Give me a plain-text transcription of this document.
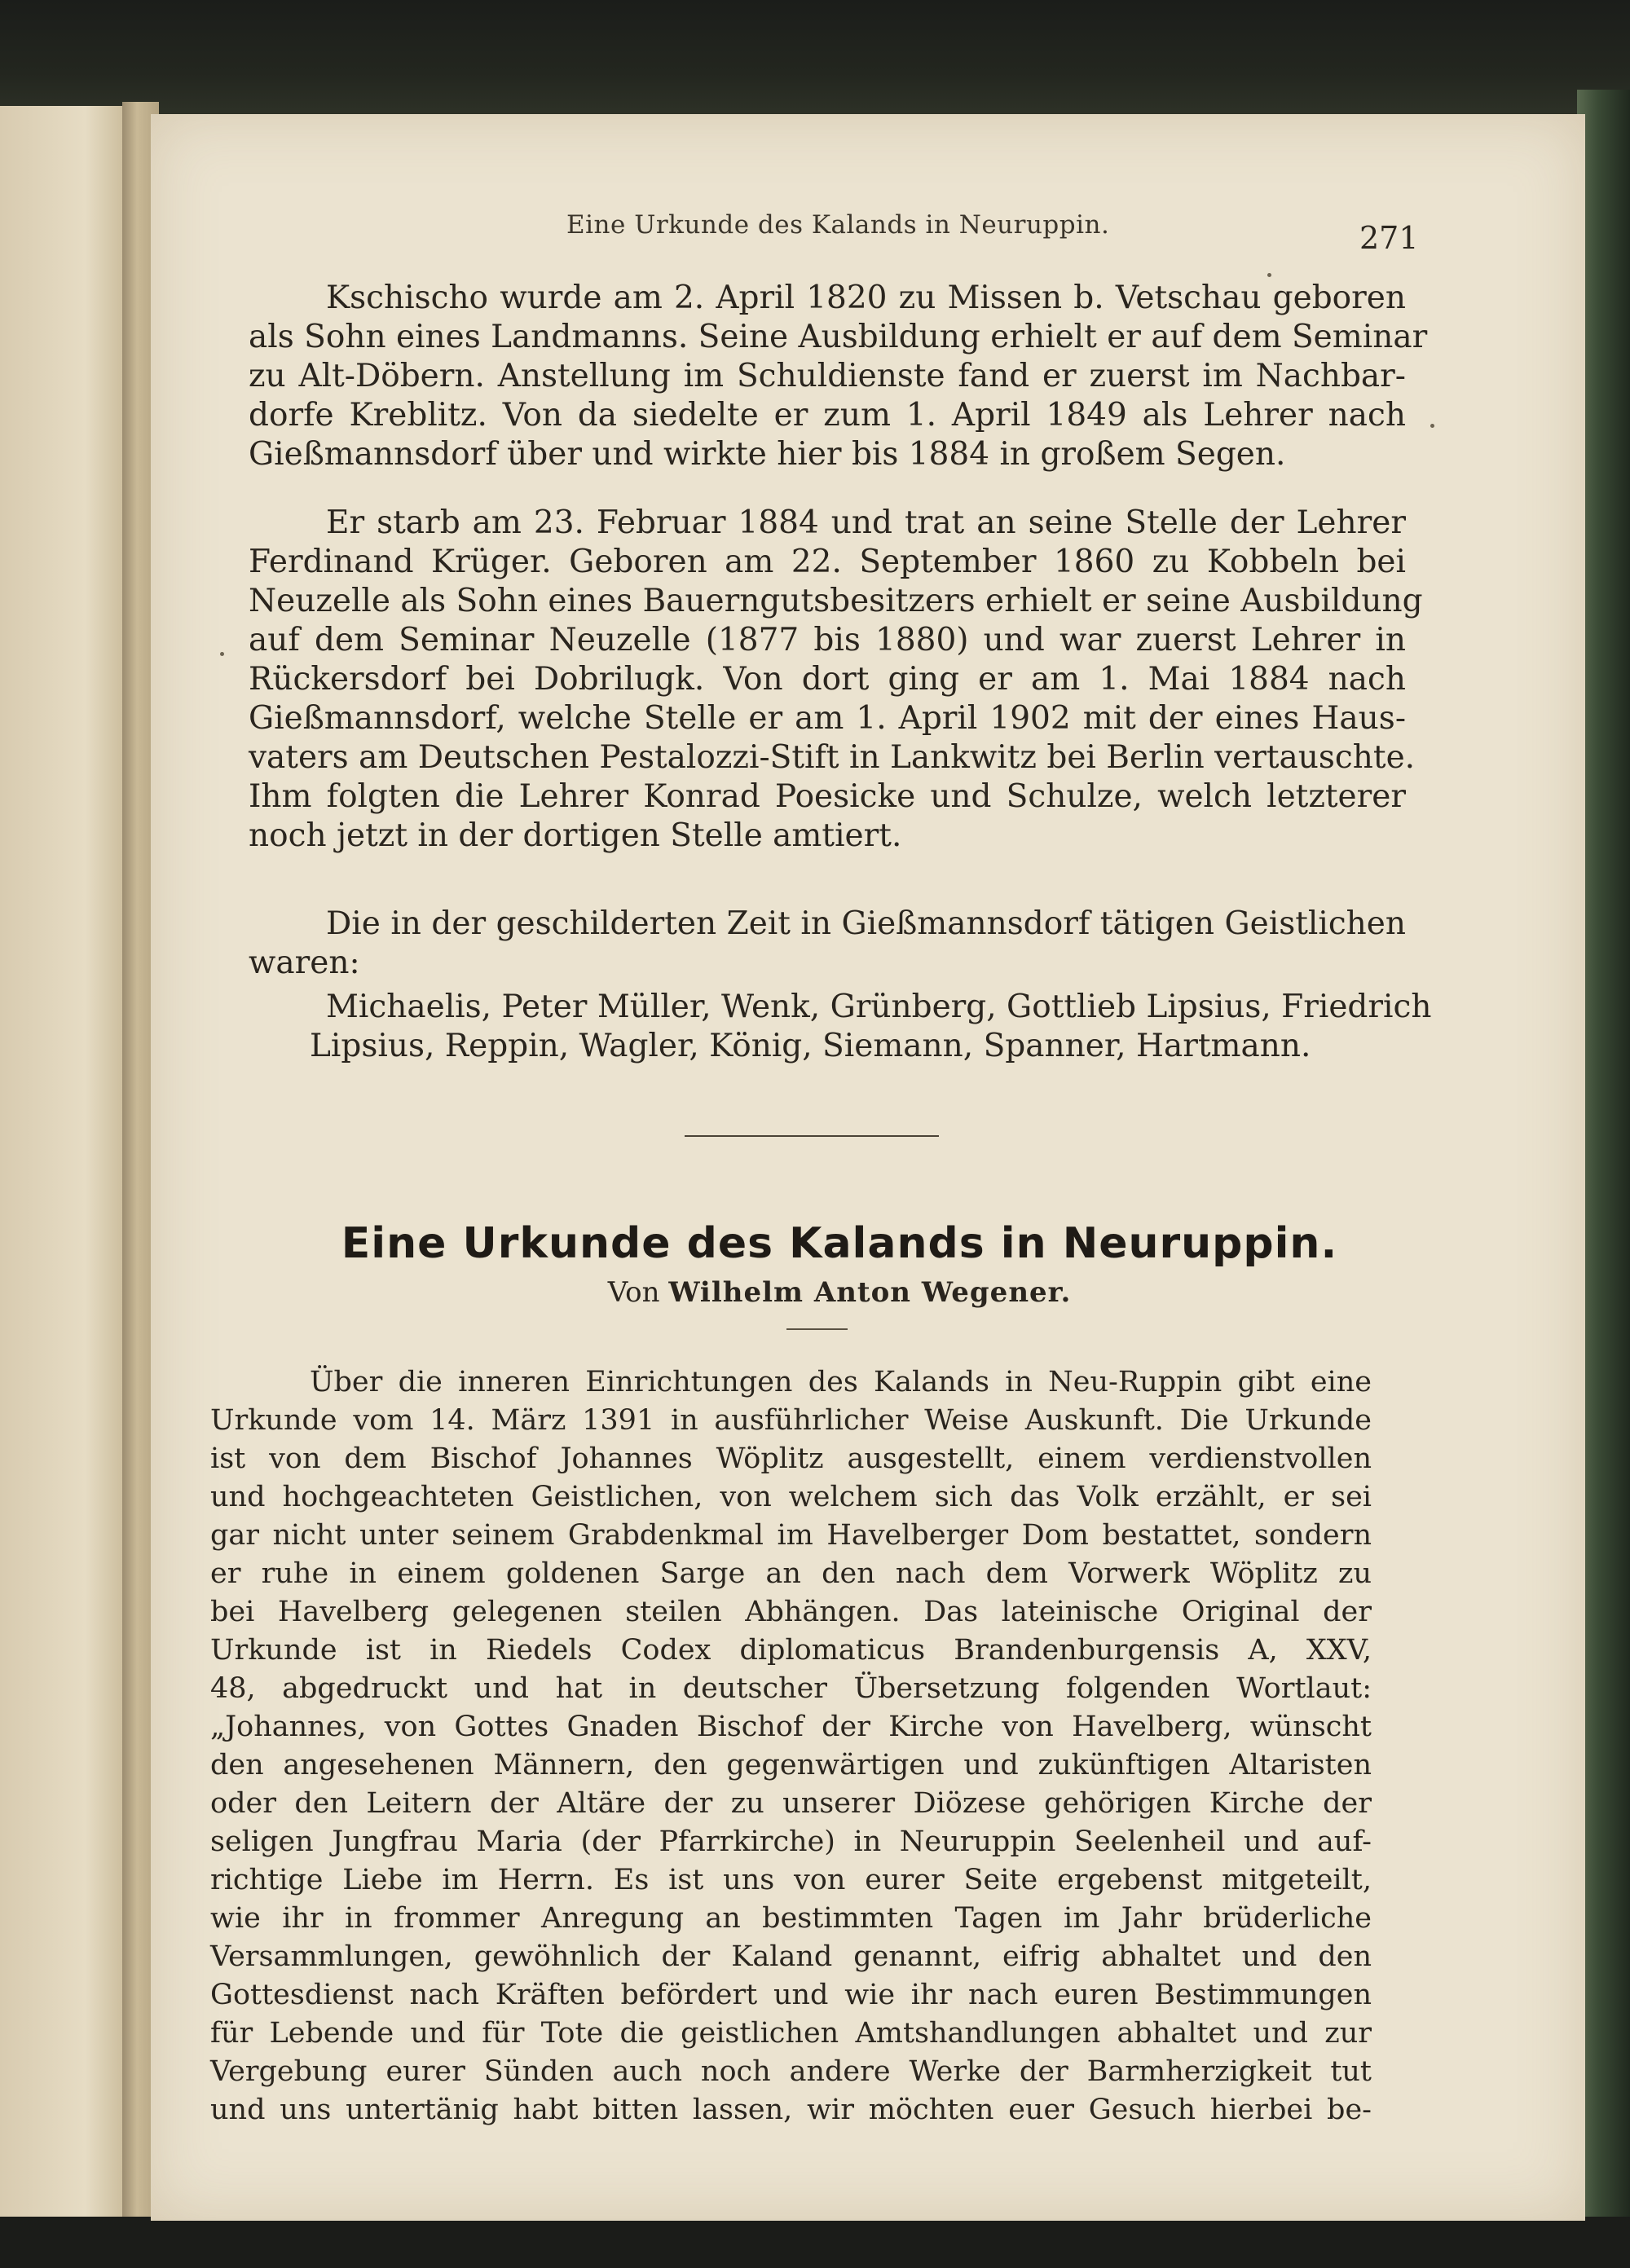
Eine Urkunde des Kalands in Neuruppin.	271
Kschischo wurde am 2. April 1820 zu Missen b. Vetschau geboren
als Sohn eines Landmanns. Seine Ausbildung erhielt er auf dem Seminar
zu Alt-Döbern. Anstellung im Schuldienste fand er zuerst im Nachbar-
dorfe Kreblitz. Von da siedelte er zum 1. April 1849 als Lehrer nach
Gießmannsdorf über und wirkte hier bis 1884 in großem Segen.
Er starb am 23. Februar 1884 und trat an seine Stelle der Lehrer
Ferdinand Krüger. Geboren am 22. September 1860 zu Kobbeln bei
Neuzelle als Sohn eines Bauerngutsbesitzers erhielt er seine Ausbildung
auf dem Seminar Neuzelle (1877 bis 1880) und war zuerst Lehrer in
Rückersdorf bei Dobrilugk. Von dort ging er am 1. Mai 1884 nach
Gießmannsdorf, welche Stelle er am 1. April 1902 mit der eines Haus-
vaters am Deutschen Pestalozzi-Stift in Lankwitz bei Berlin vertauschte.
Ihm folgten die Lehrer Konrad Poesicke und Schulze, welch letzterer
noch jetzt in der dortigen Stelle amtiert.
Die in der geschilderten Zeit in Gießmannsdorf tätigen Geistlichen
waren:
Michaelis, Peter Müller, Wenk, Grünberg, Gottlieb Lipsius, Friedrich
Lipsius, Reppin, Wagler, König, Siemann, Spanner, Hartmann.
Eine Urkunde des Kalands in Neuruppin.
Von Wilhelm Anton Wegener.
Über die inneren Einrichtungen des Kalands in Neu-Ruppin gibt eine
Urkunde vom 14. März 1391 in ausführlicher Weise Auskunft. Die Urkunde
ist von dem Bischof Johannes Wöplitz ausgestellt, einem verdienstvollen
und hochgeachteten Geistlichen, von welchem sich das Volk erzählt, er sei
gar nicht unter seinem Grabdenkmal im Havelberger Dom bestattet, sondern
er ruhe in einem goldenen Sarge an den nach dem Vorwerk Wöplitz zu
bei Havelberg gelegenen steilen Abhängen. Das lateinische Original der
Urkunde ist in Riedels Codex diplomaticus Brandenburgensis A, XXV,
48, abgedruckt und hat in deutscher Übersetzung folgenden Wortlaut:
„Johannes, von Gottes Gnaden Bischof der Kirche von Havelberg, wünscht
den angesehenen Männern, den gegenwärtigen und zukünftigen Altaristen
oder den Leitern der Altäre der zu unserer Diözese gehörigen Kirche der
seligen Jungfrau Maria (der Pfarrkirche) in Neuruppin Seelenheil und auf-
richtige Liebe im Herrn. Es ist uns von eurer Seite ergebenst mitgeteilt,
wie ihr in frommer Anregung an bestimmten Tagen im Jahr brüderliche
Versammlungen, gewöhnlich der Kaland genannt, eifrig abhaltet und den
Gottesdienst nach Kräften befördert und wie ihr nach euren Bestimmungen
für Lebende und für Tote die geistlichen Amtshandlungen abhaltet und zur
Vergebung eurer Sünden auch noch andere Werke der Barmherzigkeit tut
und uns untertänig habt bitten lassen, wir möchten euer Gesuch hierbei be-
